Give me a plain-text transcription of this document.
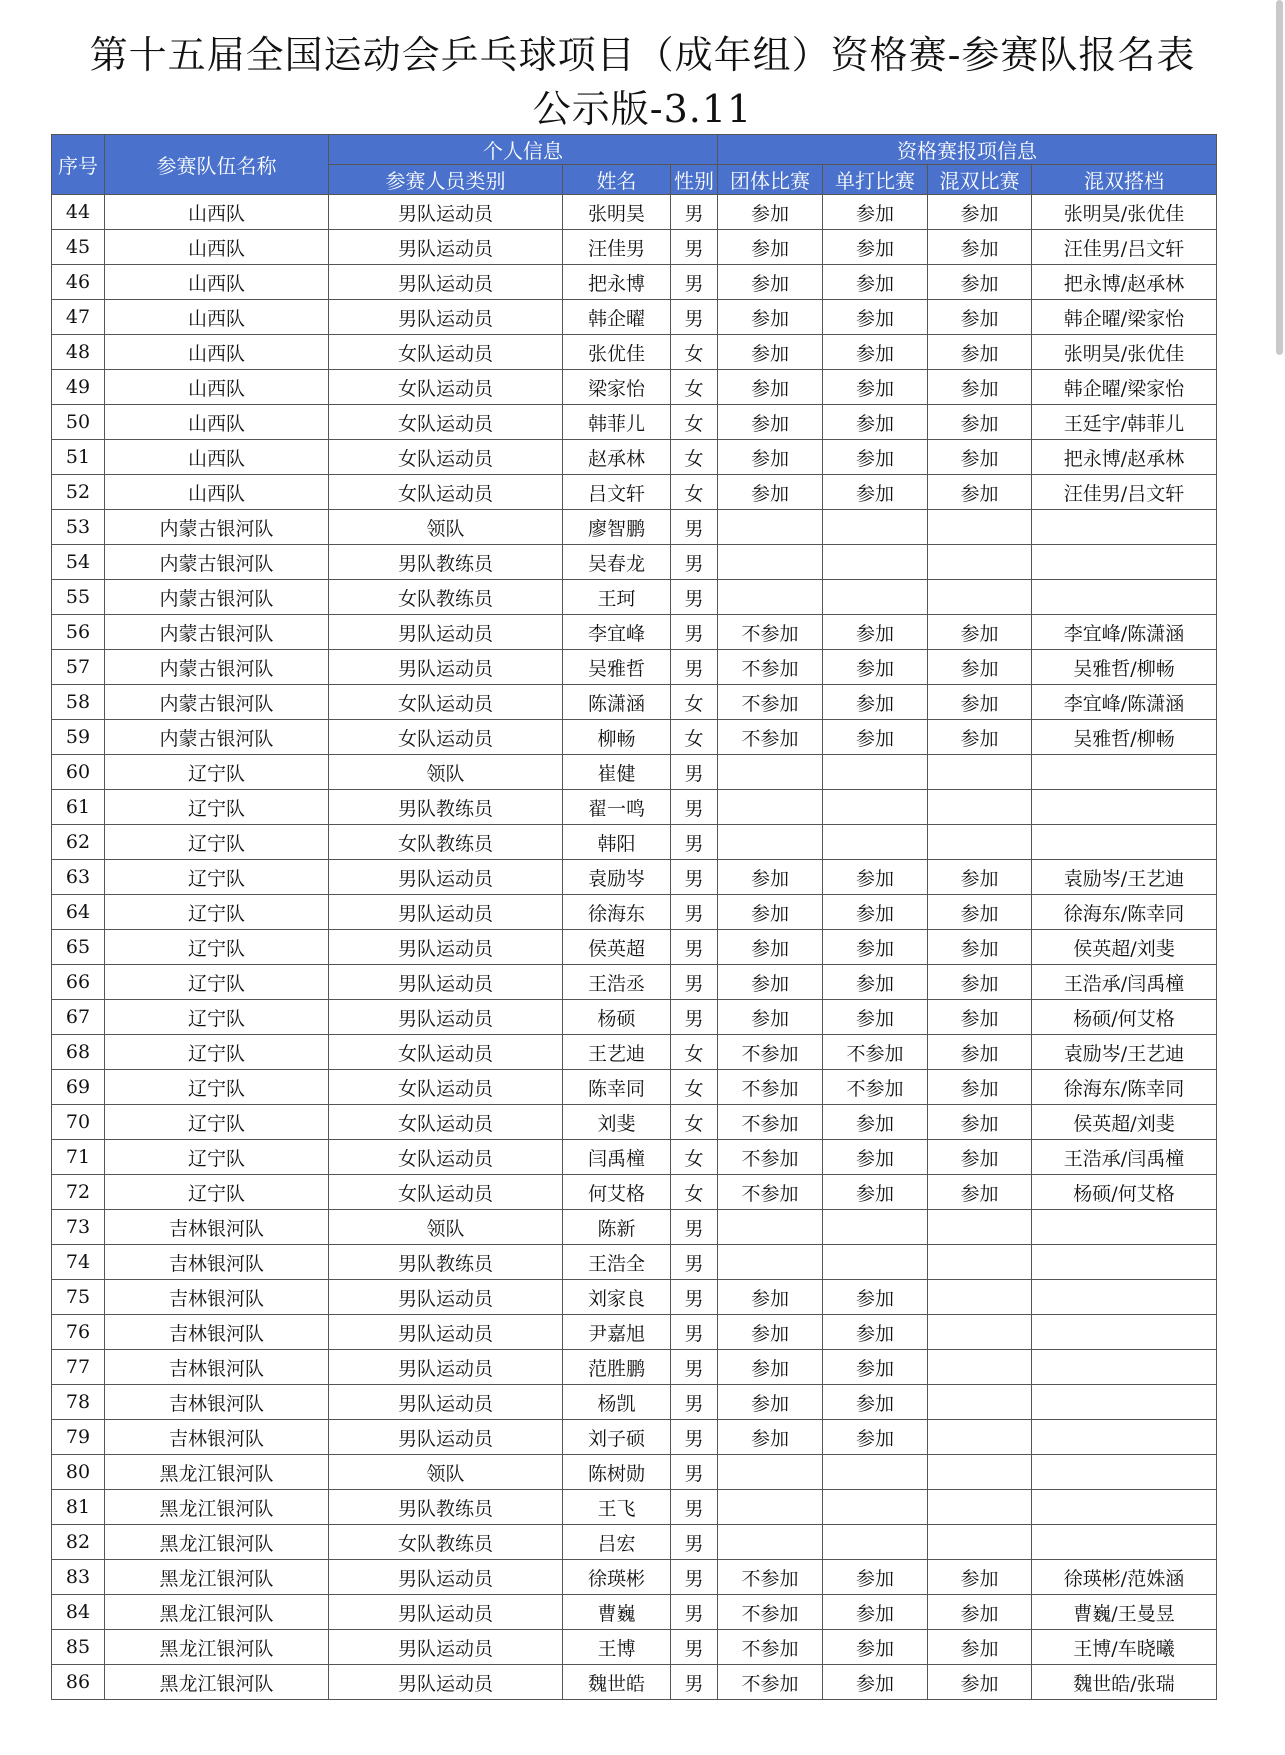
第十五届全国运动会乒乓球项目（成年组）资格赛-参赛队报名表
公示版-3.11
序号	参赛队伍名称	个人信息			资格赛报项信息			
		参赛人员类别	姓名	性别	团体比赛	单打比赛	混双比赛	混双搭档
44	山西队	男队运动员	张明昊	男	参加	参加	参加	张明昊/张优佳
45	山西队	男队运动员	汪佳男	男	参加	参加	参加	汪佳男/吕文轩
46	山西队	男队运动员	把永博	男	参加	参加	参加	把永博/赵承林
47	山西队	男队运动员	韩企曜	男	参加	参加	参加	韩企曜/梁家怡
48	山西队	女队运动员	张优佳	女	参加	参加	参加	张明昊/张优佳
49	山西队	女队运动员	梁家怡	女	参加	参加	参加	韩企曜/梁家怡
50	山西队	女队运动员	韩菲儿	女	参加	参加	参加	王廷宇/韩菲儿
51	山西队	女队运动员	赵承林	女	参加	参加	参加	把永博/赵承林
52	山西队	女队运动员	吕文轩	女	参加	参加	参加	汪佳男/吕文轩
53	内蒙古银河队	领队	廖智鹏	男				
54	内蒙古银河队	男队教练员	吴春龙	男				
55	内蒙古银河队	女队教练员	王珂	男				
56	内蒙古银河队	男队运动员	李宜峰	男	不参加	参加	参加	李宜峰/陈潇涵
57	内蒙古银河队	男队运动员	吴雅哲	男	不参加	参加	参加	吴雅哲/柳畅
58	内蒙古银河队	女队运动员	陈潇涵	女	不参加	参加	参加	李宜峰/陈潇涵
59	内蒙古银河队	女队运动员	柳畅	女	不参加	参加	参加	吴雅哲/柳畅
60	辽宁队	领队	崔健	男				
61	辽宁队	男队教练员	翟一鸣	男				
62	辽宁队	女队教练员	韩阳	男				
63	辽宁队	男队运动员	袁励岑	男	参加	参加	参加	袁励岑/王艺迪
64	辽宁队	男队运动员	徐海东	男	参加	参加	参加	徐海东/陈幸同
65	辽宁队	男队运动员	侯英超	男	参加	参加	参加	侯英超/刘斐
66	辽宁队	男队运动员	王浩丞	男	参加	参加	参加	王浩承/闫禹橦
67	辽宁队	男队运动员	杨硕	男	参加	参加	参加	杨硕/何艾格
68	辽宁队	女队运动员	王艺迪	女	不参加	不参加	参加	袁励岑/王艺迪
69	辽宁队	女队运动员	陈幸同	女	不参加	不参加	参加	徐海东/陈幸同
70	辽宁队	女队运动员	刘斐	女	不参加	参加	参加	侯英超/刘斐
71	辽宁队	女队运动员	闫禹橦	女	不参加	参加	参加	王浩承/闫禹橦
72	辽宁队	女队运动员	何艾格	女	不参加	参加	参加	杨硕/何艾格
73	吉林银河队	领队	陈新	男				
74	吉林银河队	男队教练员	王浩全	男				
75	吉林银河队	男队运动员	刘家良	男	参加	参加		
76	吉林银河队	男队运动员	尹嘉旭	男	参加	参加		
77	吉林银河队	男队运动员	范胜鹏	男	参加	参加		
78	吉林银河队	男队运动员	杨凯	男	参加	参加		
79	吉林银河队	男队运动员	刘子硕	男	参加	参加		
80	黑龙江银河队	领队	陈树勋	男				
81	黑龙江银河队	男队教练员	王飞	男				
82	黑龙江银河队	女队教练员	吕宏	男				
83	黑龙江银河队	男队运动员	徐瑛彬	男	不参加	参加	参加	徐瑛彬/范姝涵
84	黑龙江银河队	男队运动员	曹巍	男	不参加	参加	参加	曹巍/王曼昱
85	黑龙江银河队	男队运动员	王博	男	不参加	参加	参加	王博/车晓曦
86	黑龙江银河队	男队运动员	魏世皓	男	不参加	参加	参加	魏世皓/张瑞
